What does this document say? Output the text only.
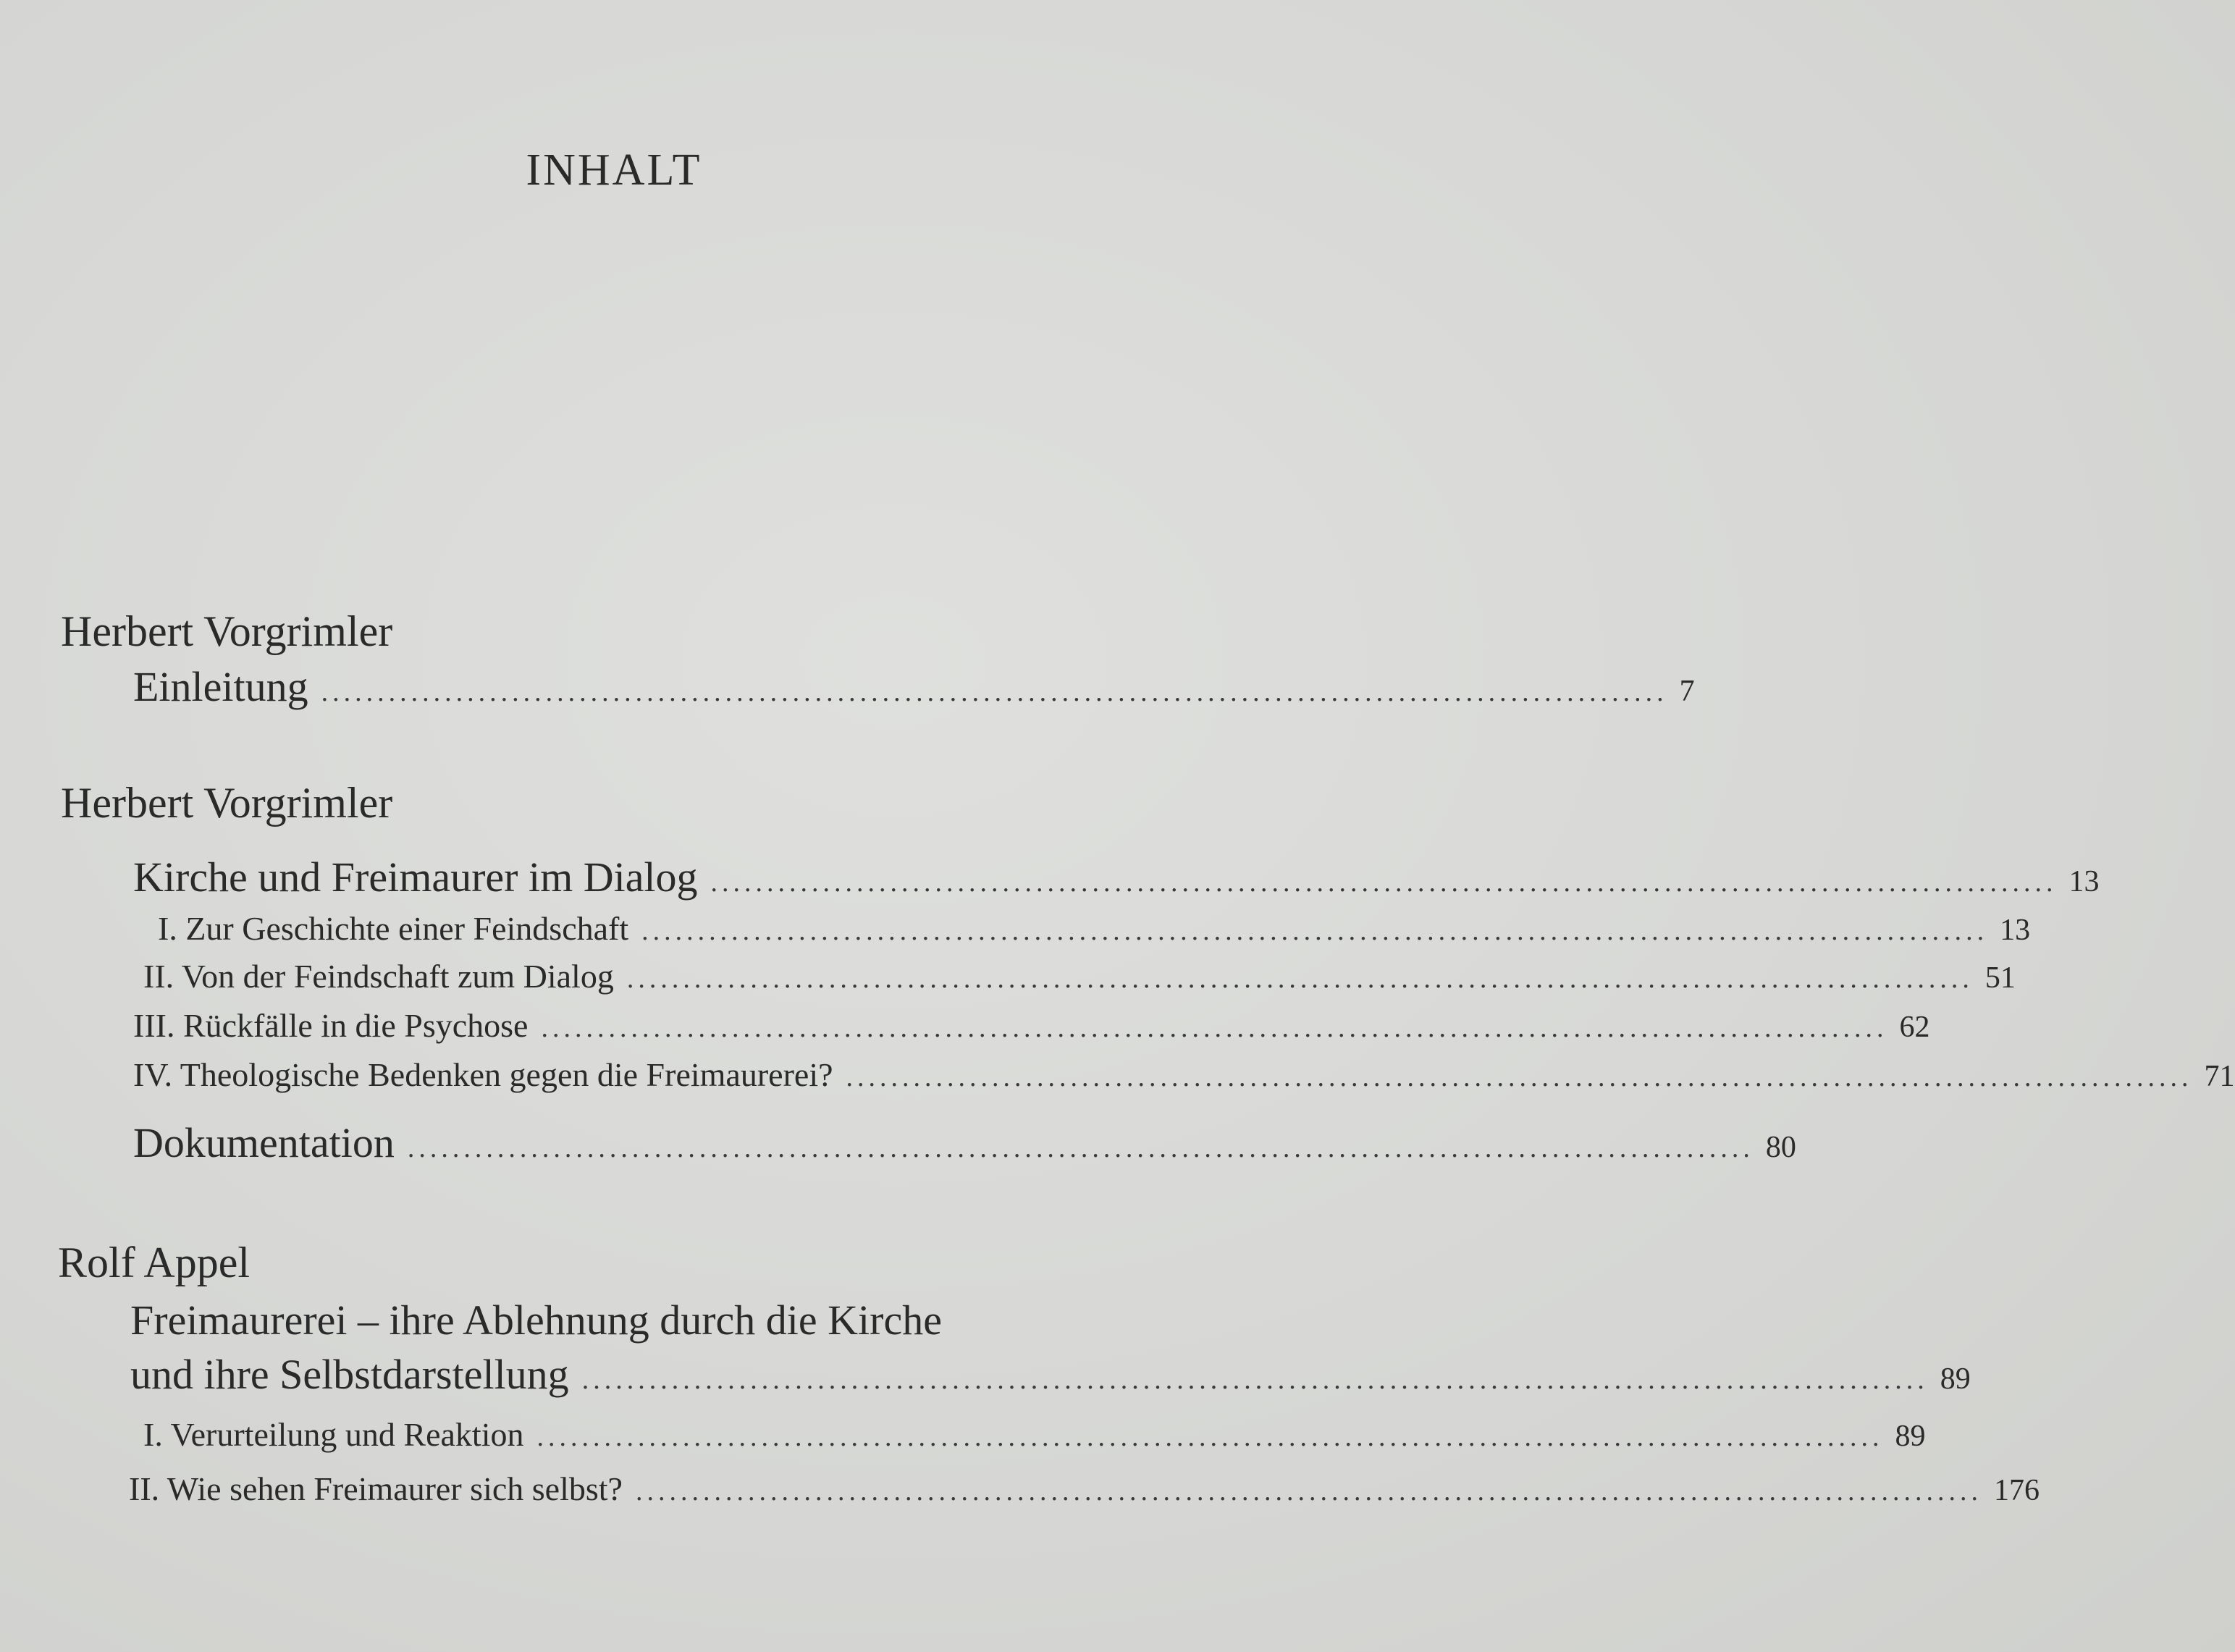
INHALT
Herbert Vorgrimler
Einleitung ........................................................................................................................ 7
Herbert Vorgrimler
Kirche und Freimaurer im Dialog ........................................................................................................................ 13
I. Zur Geschichte einer Feindschaft ........................................................................................................................ 13
II. Von der Feindschaft zum Dialog ........................................................................................................................ 51
III. Rückfälle in die Psychose ........................................................................................................................ 62
IV. Theologische Bedenken gegen die Freimaurerei? ........................................................................................................................ 71
Dokumentation ........................................................................................................................ 80
Rolf Appel
Freimaurerei – ihre Ablehnung durch die Kirche
und ihre Selbstdarstellung ........................................................................................................................ 89
I. Verurteilung und Reaktion ........................................................................................................................ 89
II. Wie sehen Freimaurer sich selbst? ........................................................................................................................ 176
